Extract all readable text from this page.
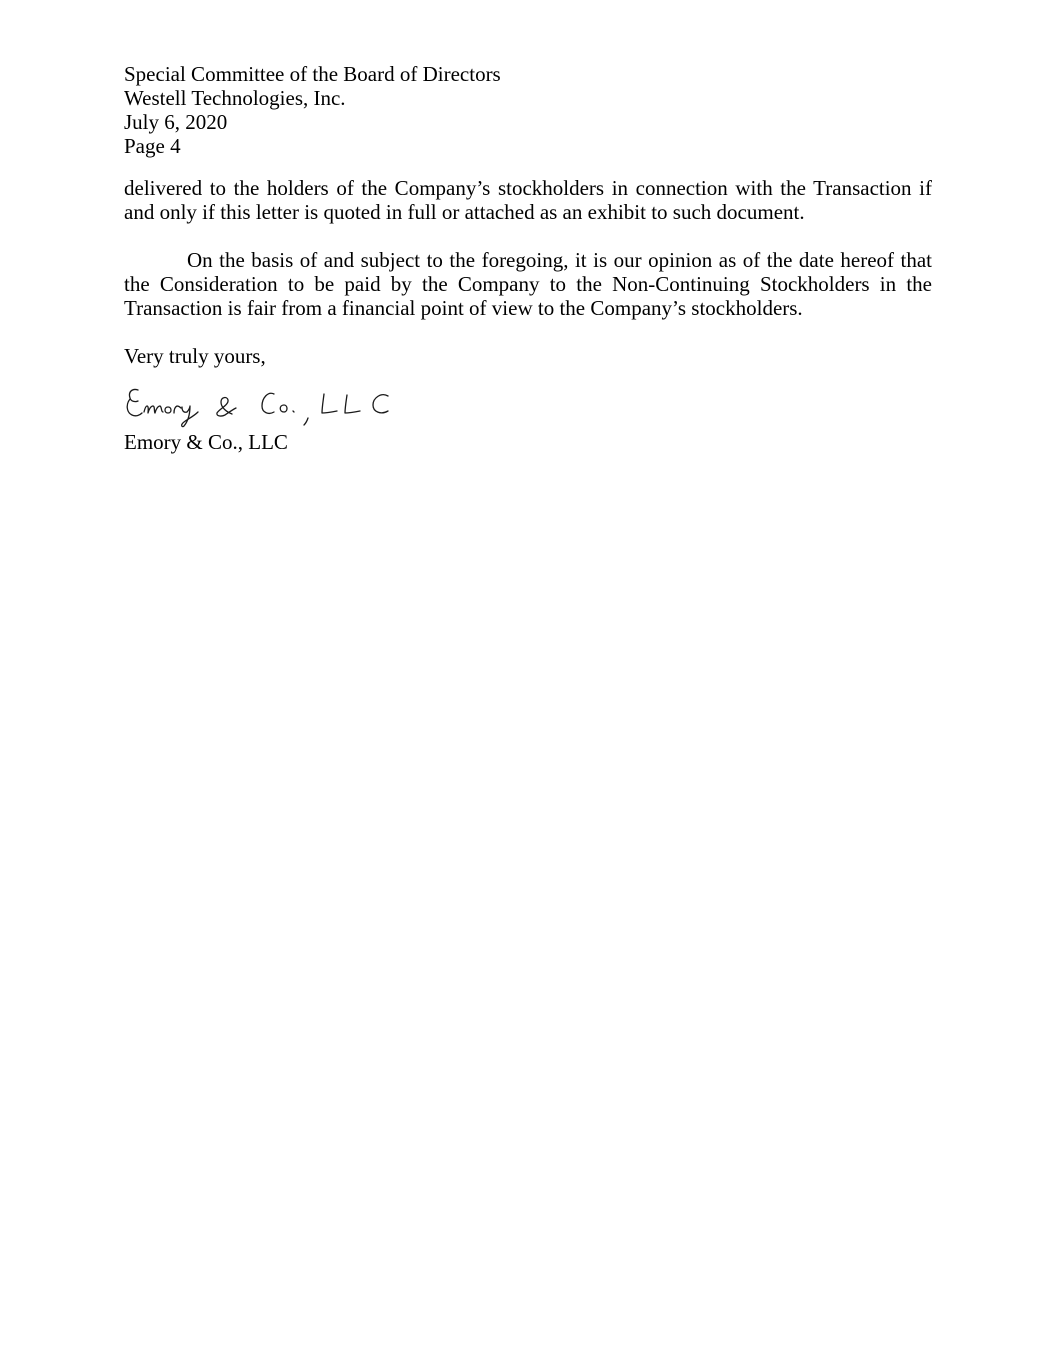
Special Committee of the Board of Directors
Westell Technologies, Inc.
July 6, 2020
Page 4

delivered to the holders of the Company’s stockholders in connection with the Transaction if and only if this letter is quoted in full or attached as an exhibit to such document.

On the basis of and subject to the foregoing, it is our opinion as of the date hereof that the Consideration to be paid by the Company to the Non-Continuing Stockholders in the Transaction is fair from a financial point of view to the Company’s stockholders.

Very truly yours,
Emory & Co., LLC
